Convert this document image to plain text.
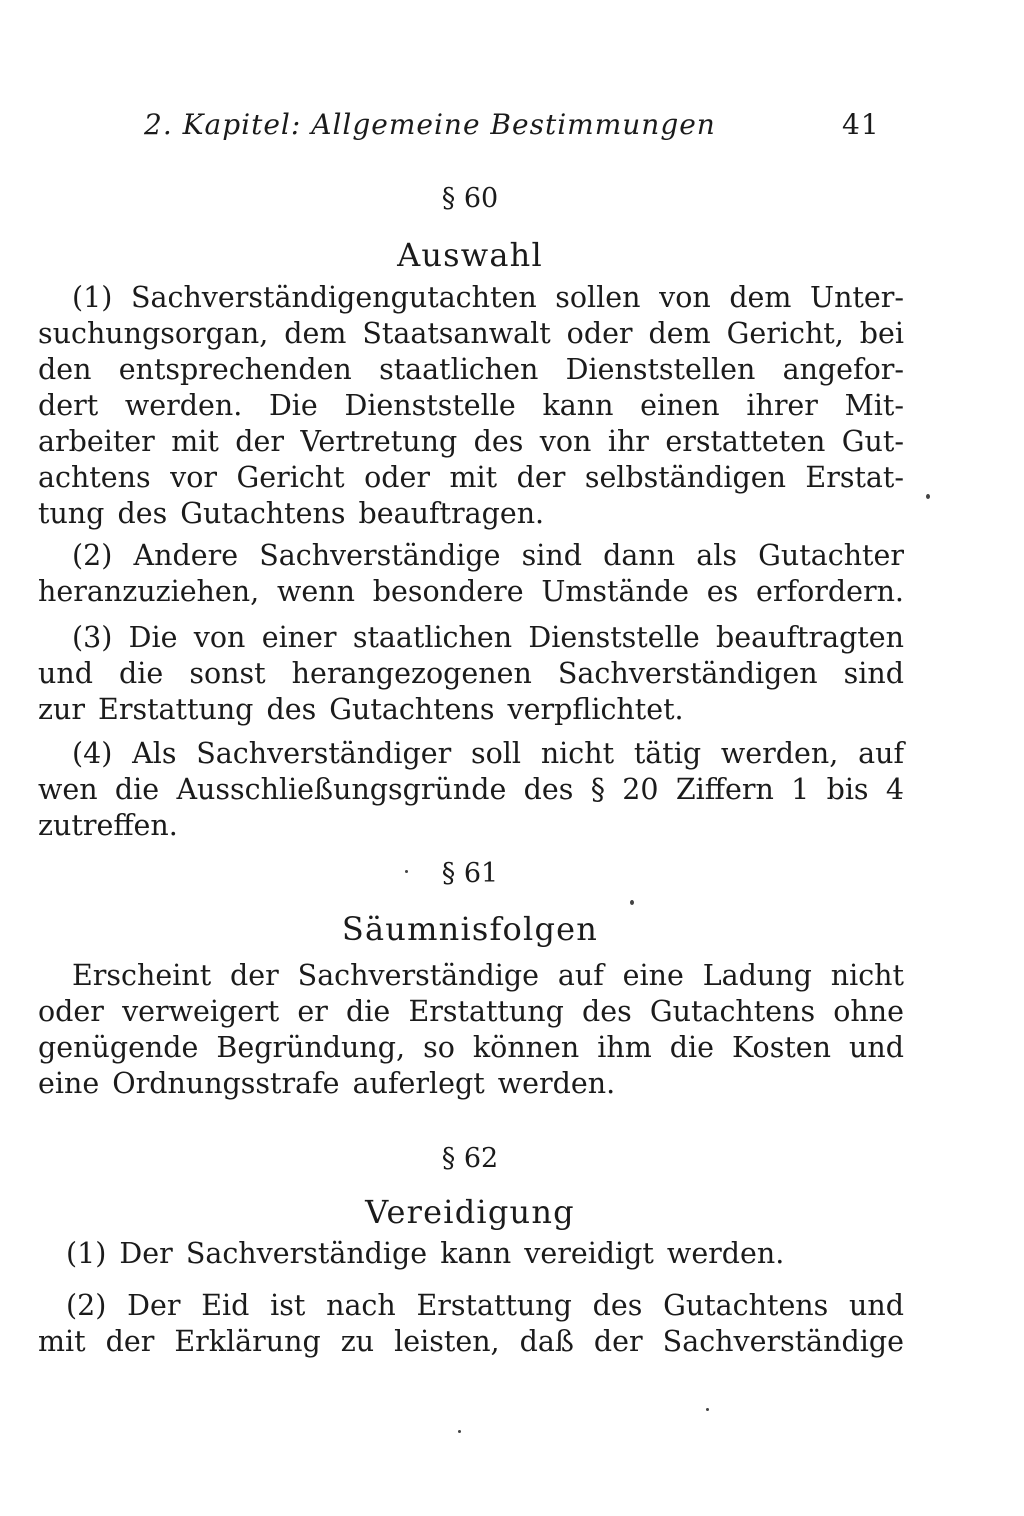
2. Kapitel: Allgemeine Bestimmungen	41
§ 60
Auswahl
(1) Sachverständigengutachten sollen von dem Unter-
suchungsorgan, dem Staatsanwalt oder dem Gericht, bei
den entsprechenden staatlichen Dienststellen angefor-
dert werden. Die Dienststelle kann einen ihrer Mit-
arbeiter mit der Vertretung des von ihr erstatteten Gut-
achtens vor Gericht oder mit der selbständigen Erstat-
tung des Gutachtens beauftragen.
(2) Andere Sachverständige sind dann als Gutachter
heranzuziehen, wenn besondere Umstände es erfordern.
(3) Die von einer staatlichen Dienststelle beauftragten
und die sonst herangezogenen Sachverständigen sind
zur Erstattung des Gutachtens verpflichtet.
(4) Als Sachverständiger soll nicht tätig werden, auf
wen die Ausschließungsgründe des § 20 Ziffern 1 bis 4
zutreffen.
§ 61
Säumnisfolgen
Erscheint der Sachverständige auf eine Ladung nicht
oder verweigert er die Erstattung des Gutachtens ohne
genügende Begründung, so können ihm die Kosten und
eine Ordnungsstrafe auferlegt werden.
§ 62
Vereidigung
(1) Der Sachverständige kann vereidigt werden.
(2) Der Eid ist nach Erstattung des Gutachtens und
mit der Erklärung zu leisten, daß der Sachverständige
